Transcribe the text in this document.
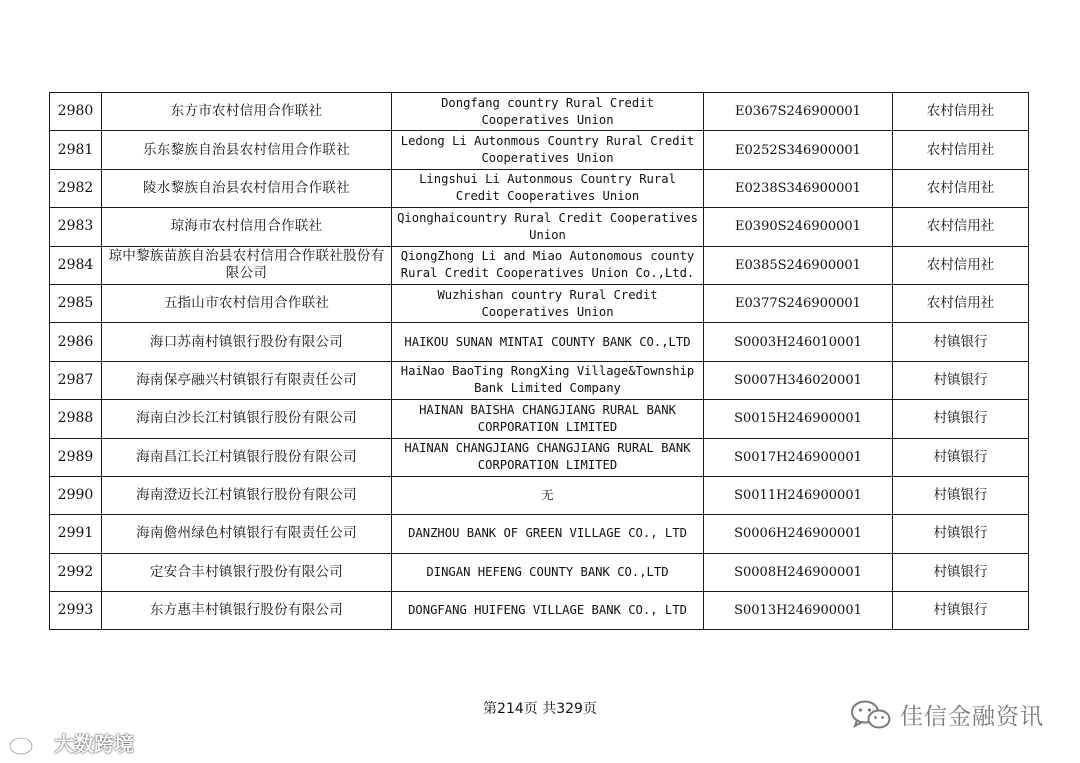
2980	东方市农村信用合作联社	Dongfang country Rural Credit Cooperatives Union	E0367S246900001	农村信用社
2981	乐东黎族自治县农村信用合作联社	Ledong Li Autonmous Country Rural Credit Cooperatives Union	E0252S346900001	农村信用社
2982	陵水黎族自治县农村信用合作联社	Lingshui Li Autonmous Country Rural Credit Cooperatives Union	E0238S346900001	农村信用社
2983	琼海市农村信用合作联社	Qionghaicountry Rural Credit Cooperatives Union	E0390S246900001	农村信用社
2984	琼中黎族苗族自治县农村信用合作联社股份有限公司	QiongZhong Li and Miao Autonomous county Rural Credit Cooperatives Union Co.,Ltd.	E0385S246900001	农村信用社
2985	五指山市农村信用合作联社	Wuzhishan country Rural Credit Cooperatives Union	E0377S246900001	农村信用社
2986	海口苏南村镇银行股份有限公司	HAIKOU SUNAN MINTAI COUNTY BANK CO.,LTD	S0003H246010001	村镇银行
2987	海南保亭融兴村镇银行有限责任公司	HaiNao BaoTing RongXing Village&Township Bank Limited Company	S0007H346020001	村镇银行
2988	海南白沙长江村镇银行股份有限公司	HAINAN BAISHA CHANGJIANG RURAL BANK CORPORATION LIMITED	S0015H246900001	村镇银行
2989	海南昌江长江村镇银行股份有限公司	HAINAN CHANGJIANG CHANGJIANG RURAL BANK CORPORATION LIMITED	S0017H246900001	村镇银行
2990	海南澄迈长江村镇银行股份有限公司	无	S0011H246900001	村镇银行
2991	海南儋州绿色村镇银行有限责任公司	DANZHOU BANK OF GREEN VILLAGE CO., LTD	S0006H246900001	村镇银行
2992	定安合丰村镇银行股份有限公司	DINGAN HEFENG COUNTY BANK CO.,LTD	S0008H246900001	村镇银行
2993	东方惠丰村镇银行股份有限公司	DONGFANG HUIFENG VILLAGE BANK CO., LTD	S0013H246900001	村镇银行
第214页 共329页
大数跨境
佳信金融资讯
